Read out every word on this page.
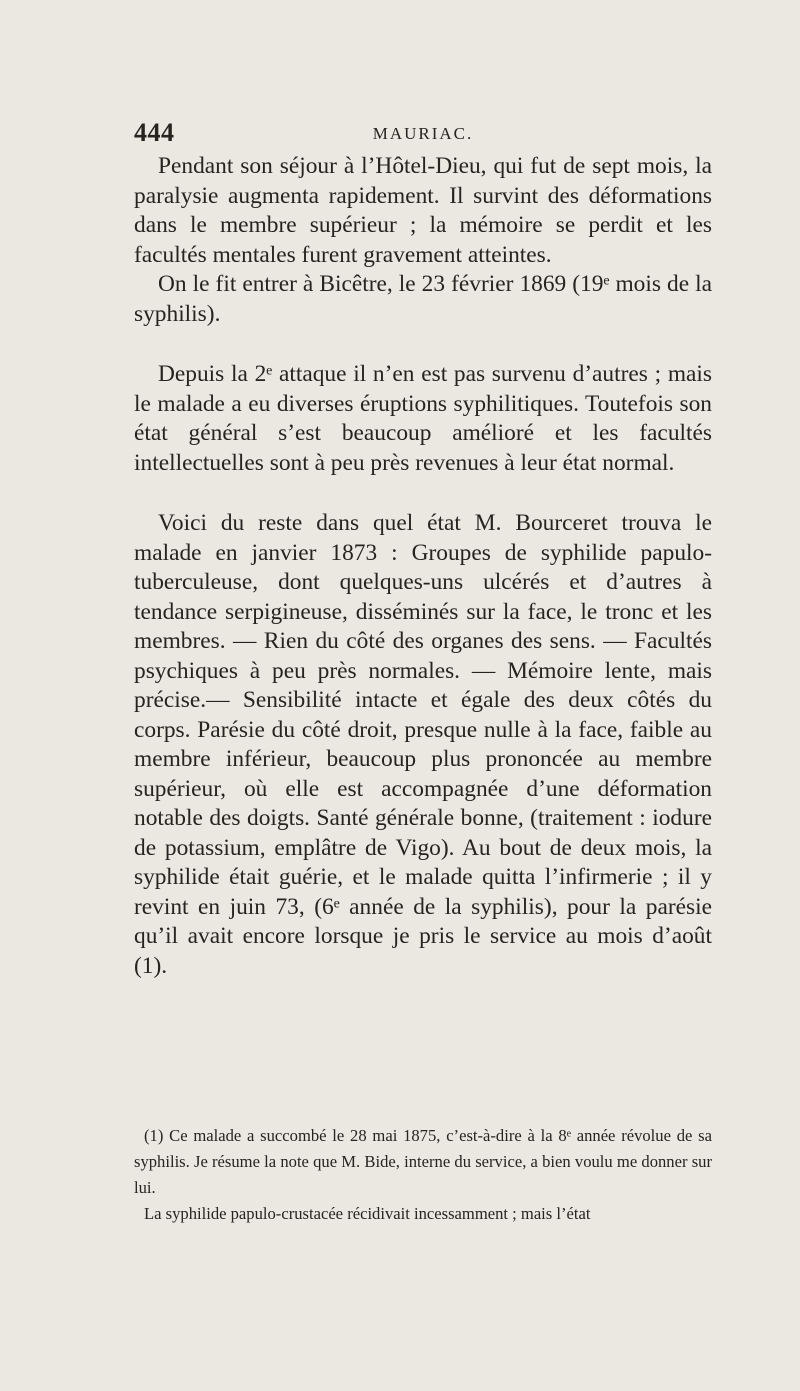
444	MAURIAC.

Pendant son séjour à l’Hôtel-Dieu, qui fut de sept mois, la paralysie augmenta rapidement. Il survint des déformations dans le membre supérieur ; la mémoire se perdit et les facultés mentales furent gravement atteintes.

On le fit entrer à Bicêtre, le 23 février 1869 (19ᵉ mois de la syphilis).

Depuis la 2ᵉ attaque il n’en est pas survenu d’autres ; mais le malade a eu diverses éruptions syphilitiques. Toutefois son état général s’est beaucoup amélioré et les facultés intellectuelles sont à peu près revenues à leur état normal.

Voici du reste dans quel état M. Bourceret trouva le malade en janvier 1873 : Groupes de syphilide papulo-tuberculeuse, dont quelques-uns ulcérés et d’autres à tendance serpigineuse, disséminés sur la face, le tronc et les membres. — Rien du côté des organes des sens. — Facultés psychiques à peu près normales. — Mémoire lente, mais précise.— Sensibilité intacte et égale des deux côtés du corps. Parésie du côté droit, presque nulle à la face, faible au membre inférieur, beaucoup plus prononcée au membre supérieur, où elle est accompagnée d’une déformation notable des doigts. Santé générale bonne, (traitement : iodure de potassium, emplâtre de Vigo). Au bout de deux mois, la syphilide était guérie, et le malade quitta l’infirmerie ; il y revint en juin 73, (6ᵉ année de la syphilis), pour la parésie qu’il avait encore lorsque je pris le service au mois d’août (1).

(1) Ce malade a succombé le 28 mai 1875, c’est-à-dire à la 8ᵉ année révolue de sa syphilis. Je résume la note que M. Bide, interne du service, a bien voulu me donner sur lui.

La syphilide papulo-crustacée récidivait incessamment ; mais l’état
